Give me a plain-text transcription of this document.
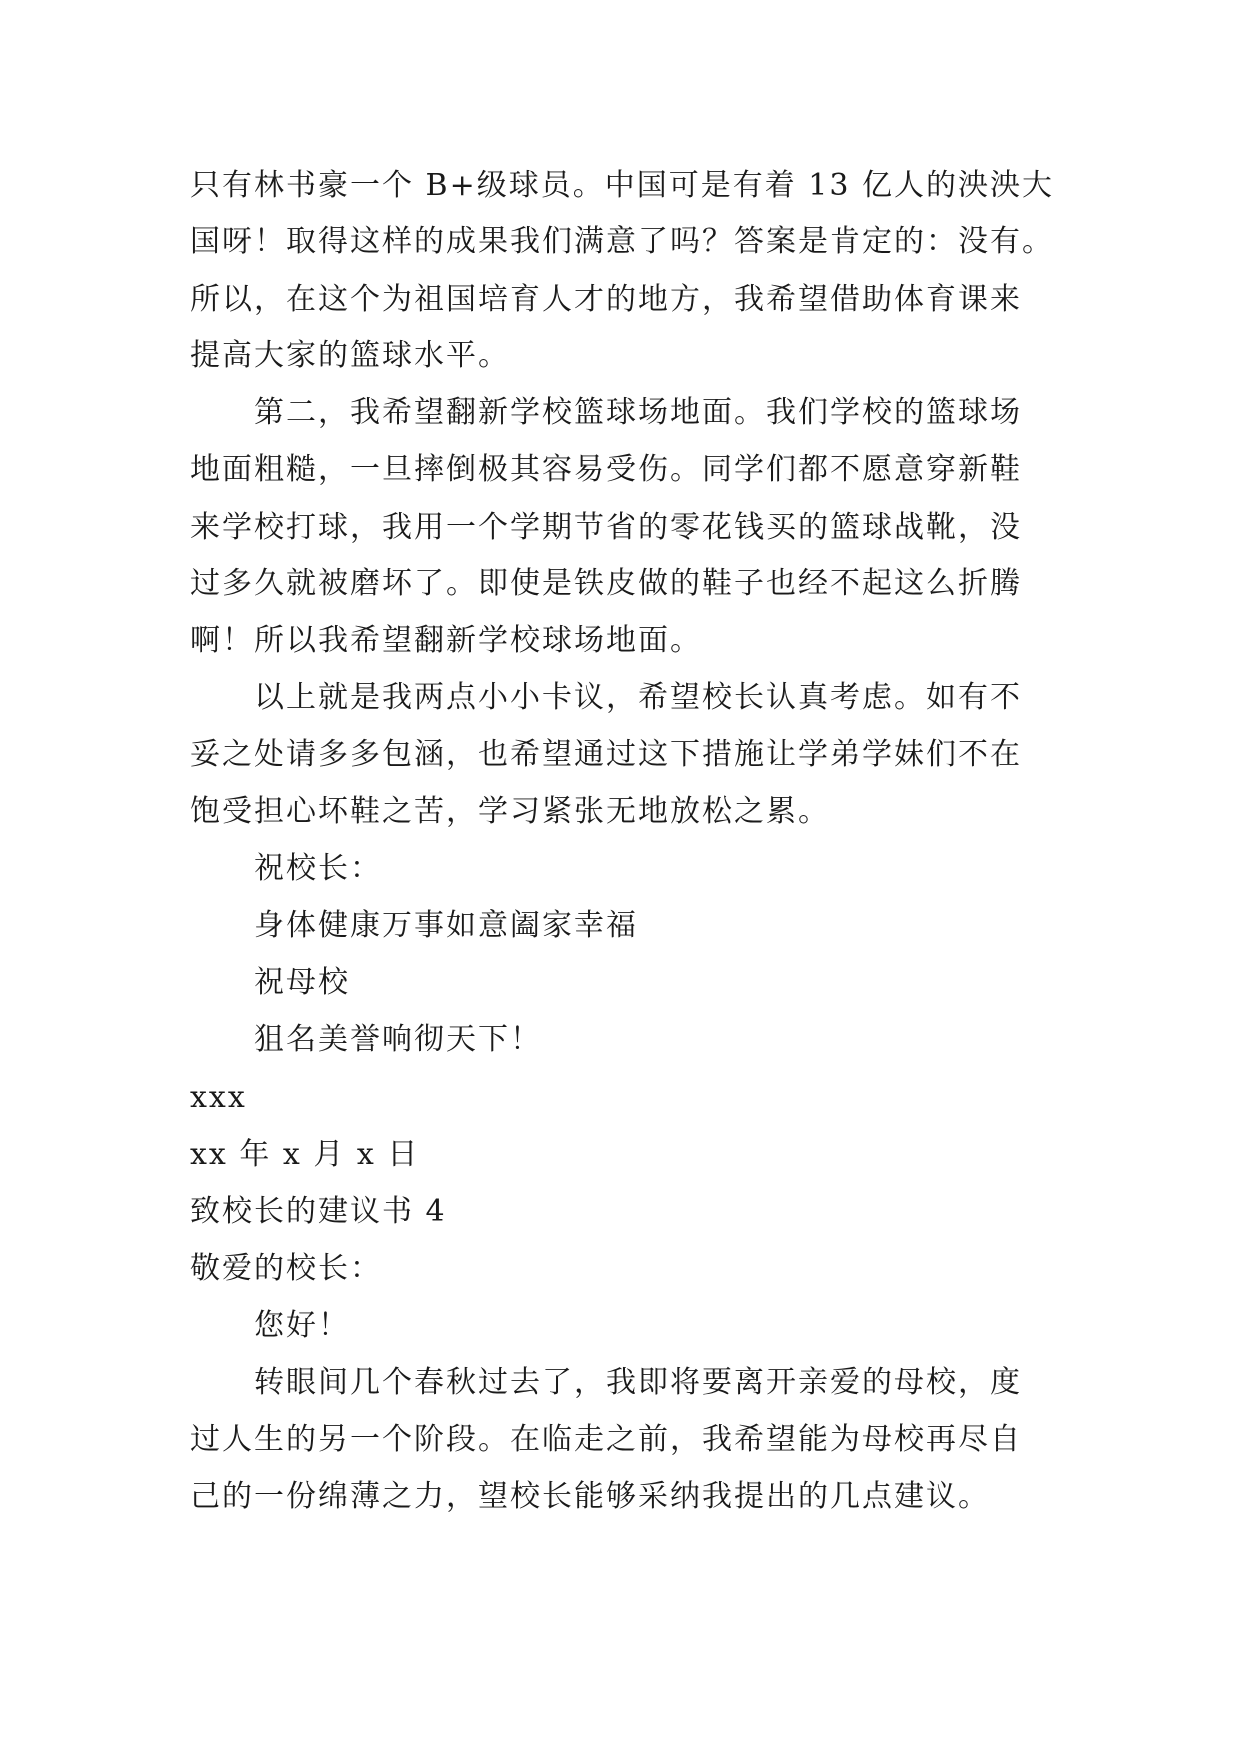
只有林书豪一个 B+级球员。中国可是有着 13 亿人的泱泱大
国呀！取得这样的成果我们满意了吗？答案是肯定的：没有。
所以，在这个为祖国培育人才的地方，我希望借助体育课来
提高大家的篮球水平。
第二，我希望翻新学校篮球场地面。我们学校的篮球场
地面粗糙，一旦摔倒极其容易受伤。同学们都不愿意穿新鞋
来学校打球，我用一个学期节省的零花钱买的篮球战靴，没
过多久就被磨坏了。即使是铁皮做的鞋子也经不起这么折腾
啊！所以我希望翻新学校球场地面。
以上就是我两点小小卡议，希望校长认真考虑。如有不
妥之处请多多包涵，也希望通过这下措施让学弟学妹们不在
饱受担心坏鞋之苦，学习紧张无地放松之累。
祝校长：
身体健康万事如意阖家幸福
祝母校
狙名美誉响彻天下！
xxx
xx 年 x 月 x 日
致校长的建议书 4
敬爱的校长：
您好！
转眼间几个春秋过去了，我即将要离开亲爱的母校，度
过人生的另一个阶段。在临走之前，我希望能为母校再尽自
己的一份绵薄之力，望校长能够采纳我提出的几点建议。
